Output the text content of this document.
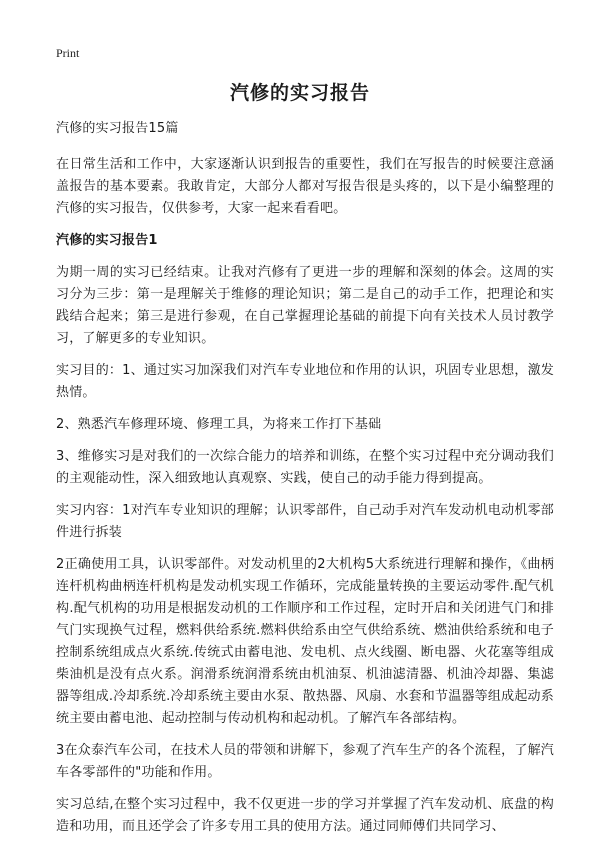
Print
汽修的实习报告

汽修的实习报告15篇

在日常生活和工作中，大家逐渐认识到报告的重要性，我们在写报告的时候要注意涵盖报告的基本要素。我敢肯定，大部分人都对写报告很是头疼的，以下是小编整理的汽修的实习报告，仅供参考，大家一起来看看吧。

汽修的实习报告1

为期一周的实习已经结束。让我对汽修有了更进一步的理解和深刻的体会。这周的实习分为三步：第一是理解关于维修的理论知识；第二是自己的动手工作，把理论和实践结合起来；第三是进行参观，在自己掌握理论基础的前提下向有关技术人员讨教学习，了解更多的专业知识。

实习目的：1、通过实习加深我们对汽车专业地位和作用的认识，巩固专业思想，激发热情。

2、熟悉汽车修理环境、修理工具，为将来工作打下基础

3、维修实习是对我们的一次综合能力的培养和训练，在整个实习过程中充分调动我们的主观能动性，深入细致地认真观察、实践，使自己的动手能力得到提高。

实习内容：1对汽车专业知识的理解；认识零部件，自己动手对汽车发动机电动机零部件进行拆装

2正确使用工具，认识零部件。对发动机里的2大机构5大系统进行理解和操作，《曲柄连杆机构曲柄连杆机构是发动机实现工作循环，完成能量转换的主要运动零件.配气机构.配气机构的功用是根据发动机的工作顺序和工作过程，定时开启和关闭进气门和排气门实现换气过程，燃料供给系统.燃料供给系由空气供给系统、燃油供给系统和电子控制系统组成点火系统.传统式由蓄电池、发电机、点火线圈、断电器、火花塞等组成柴油机是没有点火系。润滑系统润滑系统由机油泵、机油滤清器、机油冷却器、集滤器等组成.冷却系统.冷却系统主要由水泵、散热器、风扇、水套和节温器等组成起动系统主要由蓄电池、起动控制与传动机构和起动机。了解汽车各部结构。

3在众泰汽车公司，在技术人员的带领和讲解下，参观了汽车生产的各个流程，了解汽车各零部件的"功能和作用。

实习总结,在整个实习过程中，我不仅更进一步的学习并掌握了汽车发动机、底盘的构造和功用，而且还学会了许多专用工具的使用方法。通过同师傅们共同学习、
